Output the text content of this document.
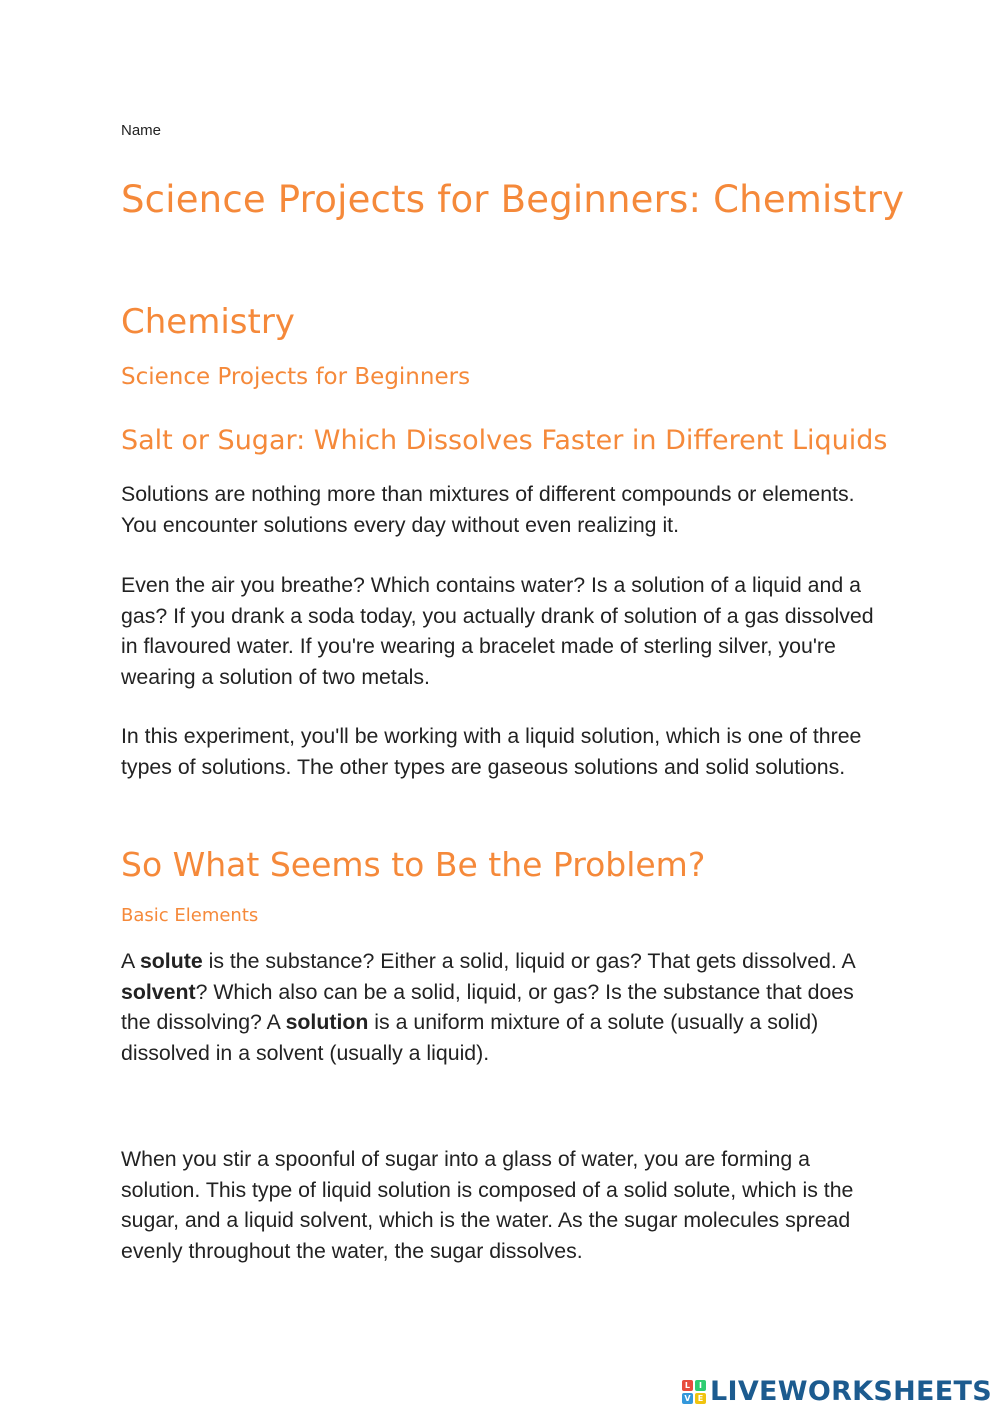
Name

Science Projects for Beginners: Chemistry
Chemistry
Science Projects for Beginners
Salt or Sugar: Which Dissolves Faster in Different Liquids

Solutions are nothing more than mixtures of different compounds or elements. You encounter solutions every day without even realizing it.

Even the air you breathe? Which contains water? Is a solution of a liquid and a gas? If you drank a soda today, you actually drank of solution of a gas dissolved in flavoured water. If you're wearing a bracelet made of sterling silver, you're wearing a solution of two metals.

In this experiment, you'll be working with a liquid solution, which is one of three types of solutions. The other types are gaseous solutions and solid solutions.

So What Seems to Be the Problem?
Basic Elements

A solute is the substance? Either a solid, liquid or gas? That gets dissolved. A solvent? Which also can be a solid, liquid, or gas? Is the substance that does the dissolving? A solution is a uniform mixture of a solute (usually a solid) dissolved in a solvent (usually a liquid).

When you stir a spoonful of sugar into a glass of water, you are forming a solution. This type of liquid solution is composed of a solid solute, which is the sugar, and a liquid solvent, which is the water. As the sugar molecules spread evenly throughout the water, the sugar dissolves.

L	I
V E LIVEWORKSHEETS
